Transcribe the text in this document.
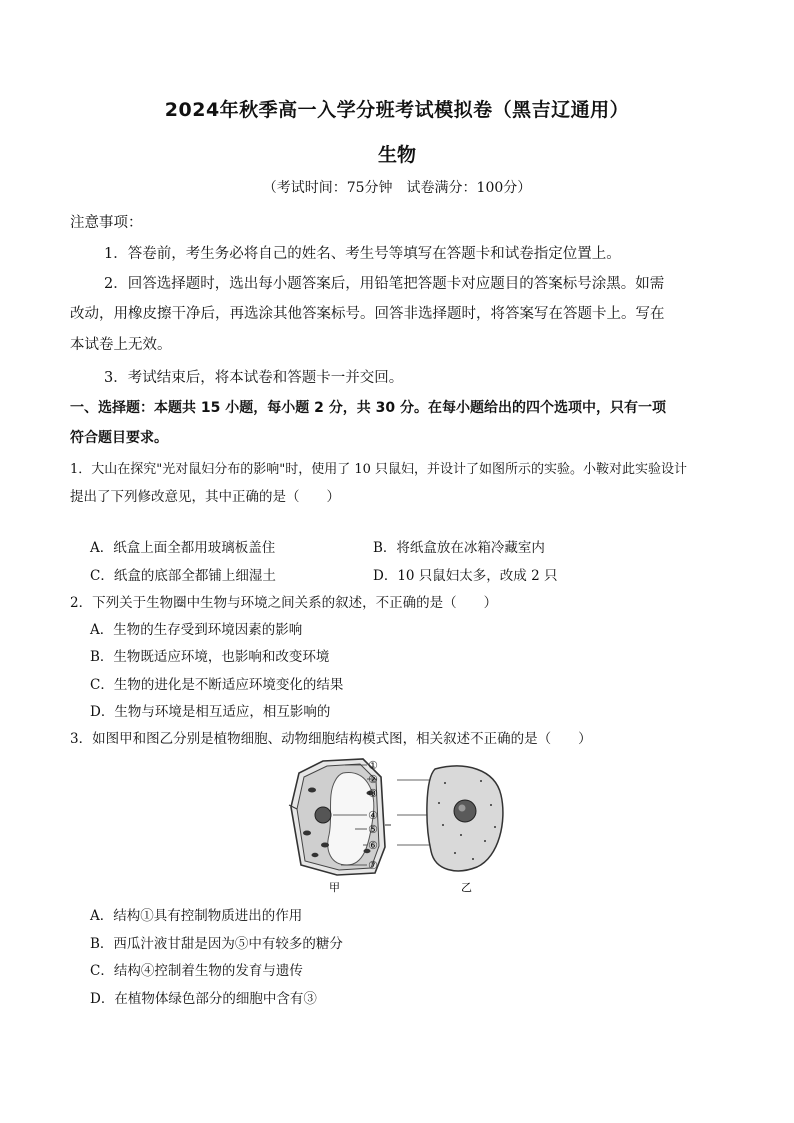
2024年秋季高一入学分班考试模拟卷（黑吉辽通用）
生物
（考试时间：75分钟　试卷满分：100分）
注意事项：
1．答卷前，考生务必将自己的姓名、考生号等填写在答题卡和试卷指定位置上。
2．回答选择题时，选出每小题答案后，用铅笔把答题卡对应题目的答案标号涂黑。如需
改动，用橡皮擦干净后，再选涂其他答案标号。回答非选择题时，将答案写在答题卡上。写在
本试卷上无效。
3．考试结束后，将本试卷和答题卡一并交回。
一、选择题：本题共 15 小题，每小题 2 分，共 30 分。在每小题给出的四个选项中，只有一项
符合题目要求。
1．大山在探究"光对鼠妇分布的影响"时，使用了 10 只鼠妇，并设计了如图所示的实验。小鞍对此实验设计
提出了下列修改意见，其中正确的是（　　）
A．纸盒上面全都用玻璃板盖住	B．将纸盒放在冰箱冷藏室内
C．纸盒的底部全都铺上细湿土	D．10 只鼠妇太多，改成 2 只
2．下列关于生物圈中生物与环境之间关系的叙述，不正确的是（　　）
A．生物的生存受到环境因素的影响
B．生物既适应环境，也影响和改变环境
C．生物的进化是不断适应环境变化的结果
D．生物与环境是相互适应，相互影响的
3．如图甲和图乙分别是植物细胞、动物细胞结构模式图，相关叙述不正确的是（　　）
①
②
③
④
⑤
⑥
⑦
甲	乙
A．结构①具有控制物质进出的作用
B．西瓜汁液甘甜是因为⑤中有较多的糖分
C．结构④控制着生物的发育与遗传
D．在植物体绿色部分的细胞中含有③
